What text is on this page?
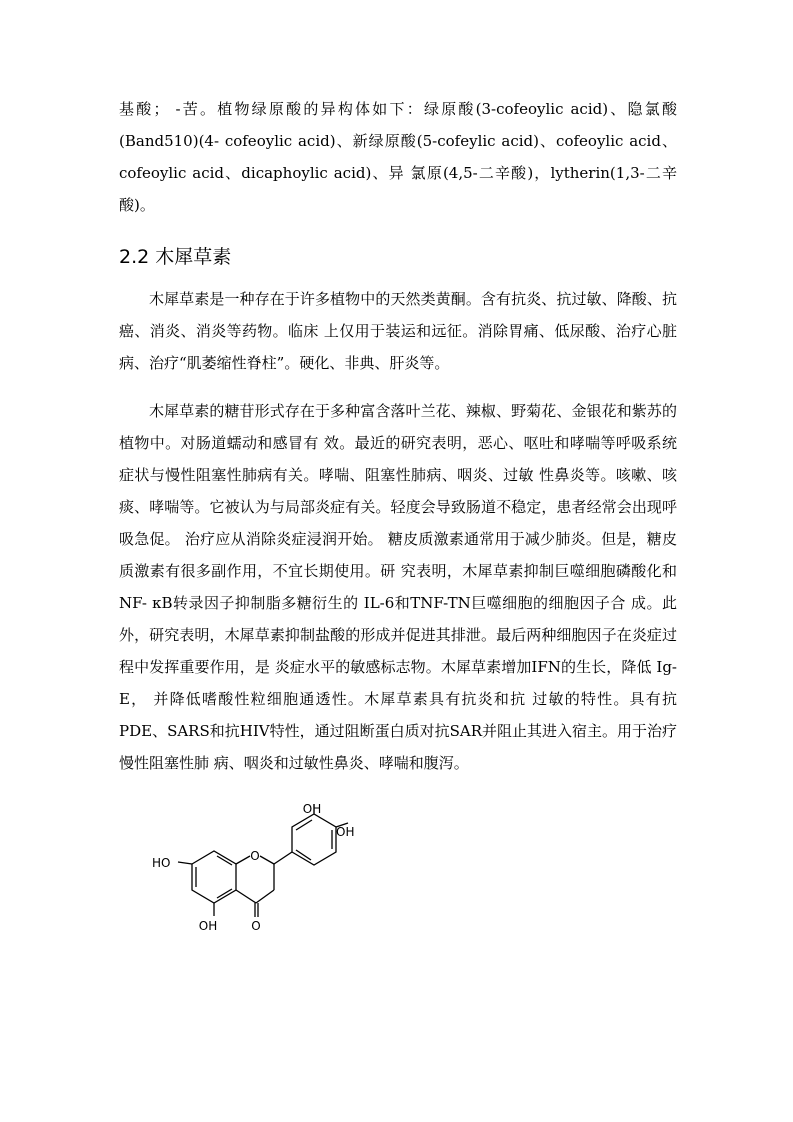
基酸； -苦。植物绿原酸的异构体如下：绿原酸(3-cofeoylic acid)、隐氯酸(Band510)(4- cofeoylic acid)、新绿原酸(5-cofeylic acid)、cofeoylic acid、cofeoylic acid、dicaphoylic acid)、异 氯原(4,5-二辛酸)，lytherin(1,3-二辛酸)。

2.2 木犀草素

木犀草素是一种存在于许多植物中的天然类黄酮。含有抗炎、抗过敏、降酸、抗癌、消炎、消炎等药物。临床 上仅用于装运和远征。消除胃痛、低尿酸、治疗心脏病、治疗“肌萎缩性脊柱”。硬化、非典、肝炎等。

木犀草素的糖苷形式存在于多种富含落叶兰花、辣椒、野菊花、金银花和紫苏的植物中。对肠道蠕动和感冒有 效。最近的研究表明，恶心、呕吐和哮喘等呼吸系统症状与慢性阻塞性肺病有关。哮喘、阻塞性肺病、咽炎、过敏 性鼻炎等。咳嗽、咳痰、哮喘等。它被认为与局部炎症有关。轻度会导致肠道不稳定，患者经常会出现呼吸急促。 治疗应从消除炎症浸润开始。 糖皮质激素通常用于减少肺炎。但是，糖皮质激素有很多副作用，不宜长期使用。研 究表明，木犀草素抑制巨噬细胞磷酸化和NF- κB转录因子抑制脂多糖衍生的 IL-6和TNF-TN巨噬细胞的细胞因子合 成。此外，研究表明，木犀草素抑制盐酸的形成并促进其排泄。最后两种细胞因子在炎症过程中发挥重要作用，是 炎症水平的敏感标志物。木犀草素增加IFN的生长，降低 Ig-E， 并降低嗜酸性粒细胞通透性。木犀草素具有抗炎和抗 过敏的特性。具有抗PDE、SARS和抗HIV特性，通过阻断蛋白质对抗SAR并阻止其进入宿主。用于治疗慢性阻塞性肺 病、咽炎和过敏性鼻炎、哮喘和腹泻。

OH
OH
HO	O
OH	O
